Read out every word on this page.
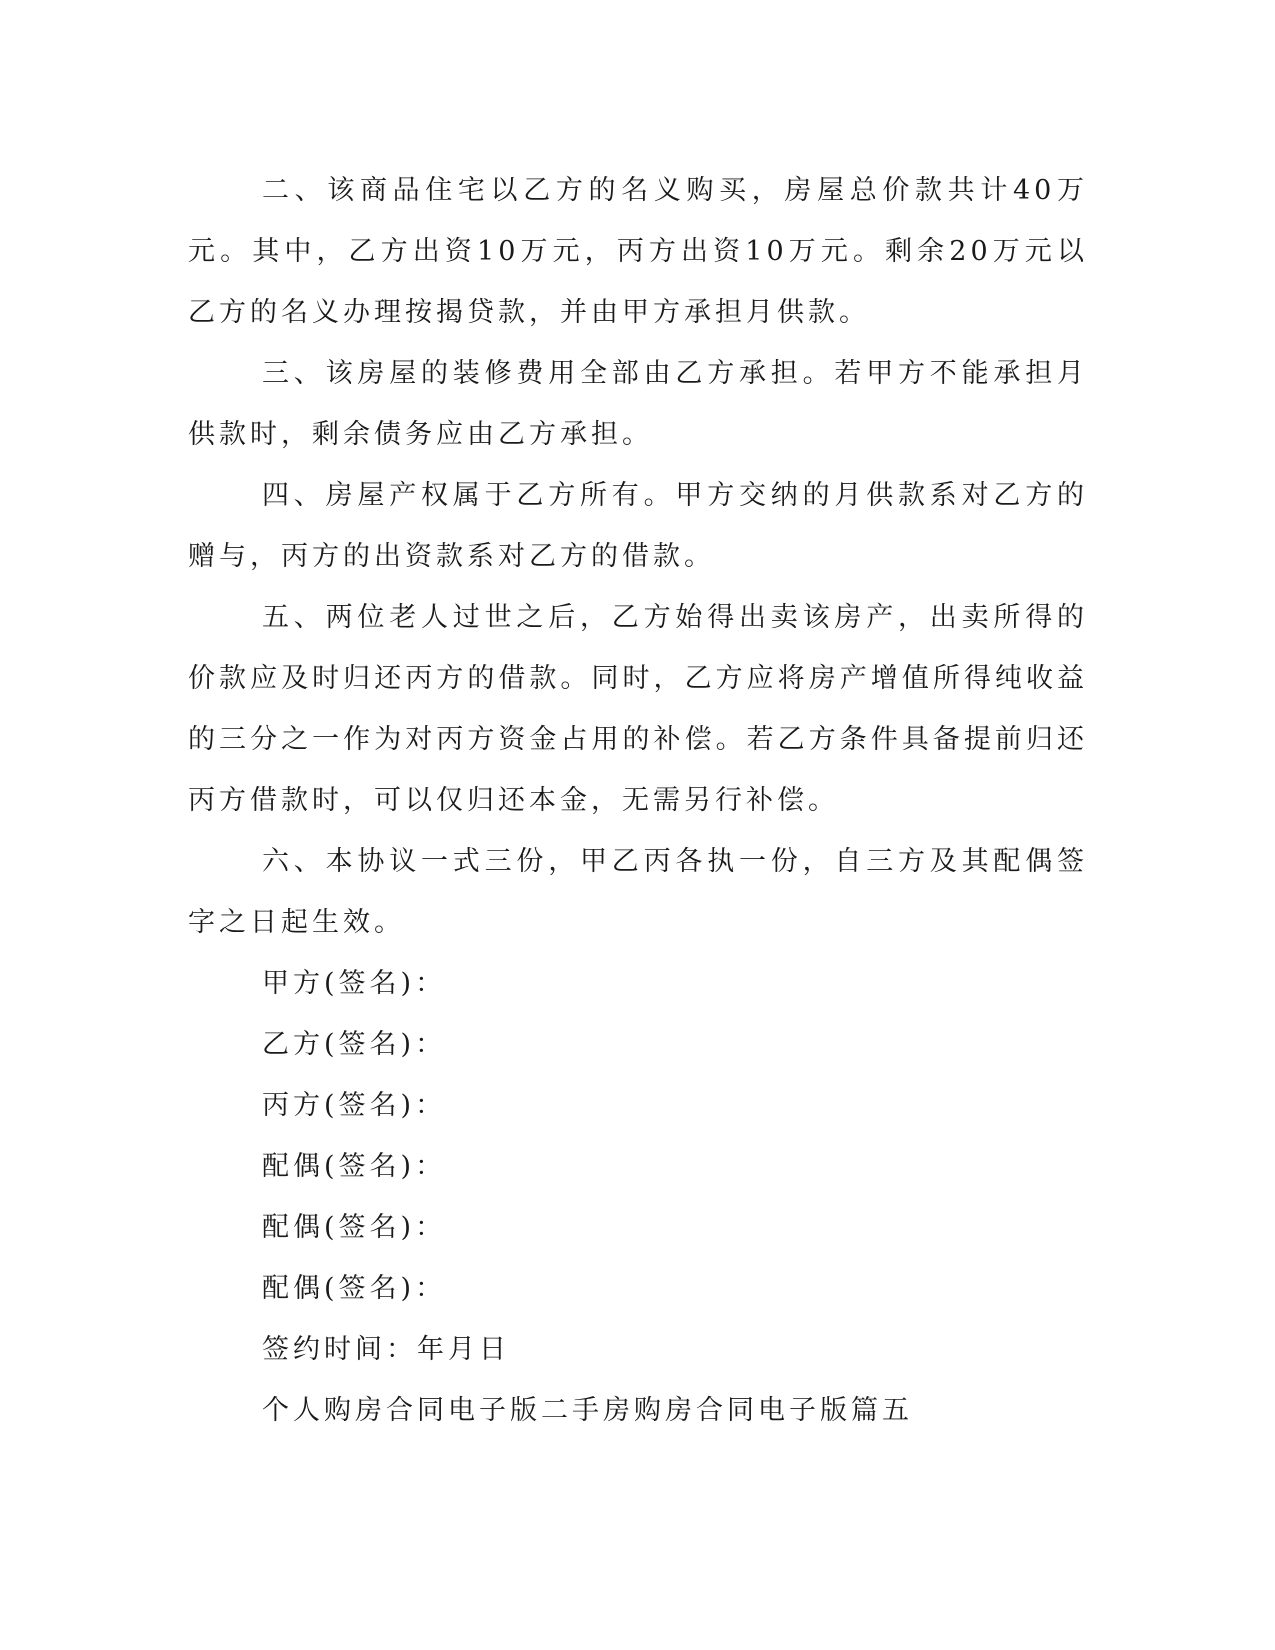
二、该商品住宅以乙方的名义购买，房屋总价款共计40万元。其中，乙方出资10万元，丙方出资10万元。剩余20万元以乙方的名义办理按揭贷款，并由甲方承担月供款。

三、该房屋的装修费用全部由乙方承担。若甲方不能承担月供款时，剩余债务应由乙方承担。

四、房屋产权属于乙方所有。甲方交纳的月供款系对乙方的赠与，丙方的出资款系对乙方的借款。

五、两位老人过世之后，乙方始得出卖该房产，出卖所得的价款应及时归还丙方的借款。同时，乙方应将房产增值所得纯收益的三分之一作为对丙方资金占用的补偿。若乙方条件具备提前归还丙方借款时，可以仅归还本金，无需另行补偿。

六、本协议一式三份，甲乙丙各执一份，自三方及其配偶签字之日起生效。

甲方(签名)：

乙方(签名)：

丙方(签名)：

配偶(签名)：

配偶(签名)：

配偶(签名)：

签约时间：年月日

个人购房合同电子版二手房购房合同电子版篇五
